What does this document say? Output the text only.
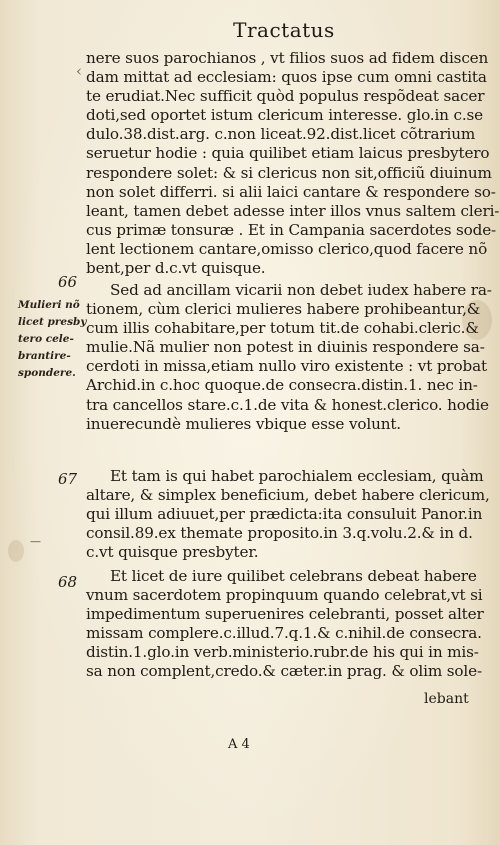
Tractatus
‹
nere suos parochianos , vt filios suos ad fidem discen
dam mittat ad ecclesiam: quos ipse cum omni castita
te erudiat.Nec sufficit quòd populus respõdeat sacer
doti,sed oportet istum clericum interesse. glo.in c.se
dulo.38.dist.arg. c.non liceat.92.dist.licet cõtrarium
seruetur hodie : quia quilibet etiam laicus presbytero
respondere solet: & si clericus non sit,officiũ diuinum
non solet differri. si alii laici cantare & respondere so-
leant, tamen debet adesse inter illos vnus saltem cleri-
cus primæ tonsuræ . Et in Campania sacerdotes sode-
lent lectionem cantare,omisso clerico,quod facere nõ
bent,per d.c.vt quisque.
66
Mulieri nõ
licet presby
tero cele-
brantire-
spondere.
Sed ad ancillam vicarii non debet iudex habere ra-
tionem, cùm clerici mulieres habere prohibeantur,&
cum illis cohabitare,per totum tit.de cohabi.cleric.&
mulie.Nã mulier non potest in diuinis respondere sa-
cerdoti in missa,etiam nullo viro existente : vt probat
Archid.in c.hoc quoque.de consecra.distin.1. nec in-
tra cancellos stare.c.1.de vita & honest.clerico. hodie
inuerecundè mulieres vbique esse volunt.
67
—
Et tam is qui habet parochialem ecclesiam, quàm
altare, & simplex beneficium, debet habere clericum,
qui illum adiuuet,per prædicta:ita consuluit Panor.in
consil.89.ex themate proposito.in 3.q.volu.2.& in d.
c.vt quisque presbyter.
68	Et licet de iure quilibet celebrans debeat habere
vnum sacerdotem propinquum quando celebrat,vt si
impedimentum superuenires celebranti, posset alter
missam complere.c.illud.7.q.1.& c.nihil.de consecra.
distin.1.glo.in verb.ministerio.rubr.de his qui in mis-
sa non complent,credo.& cæter.in prag. & olim sole-
lebant
A 4
